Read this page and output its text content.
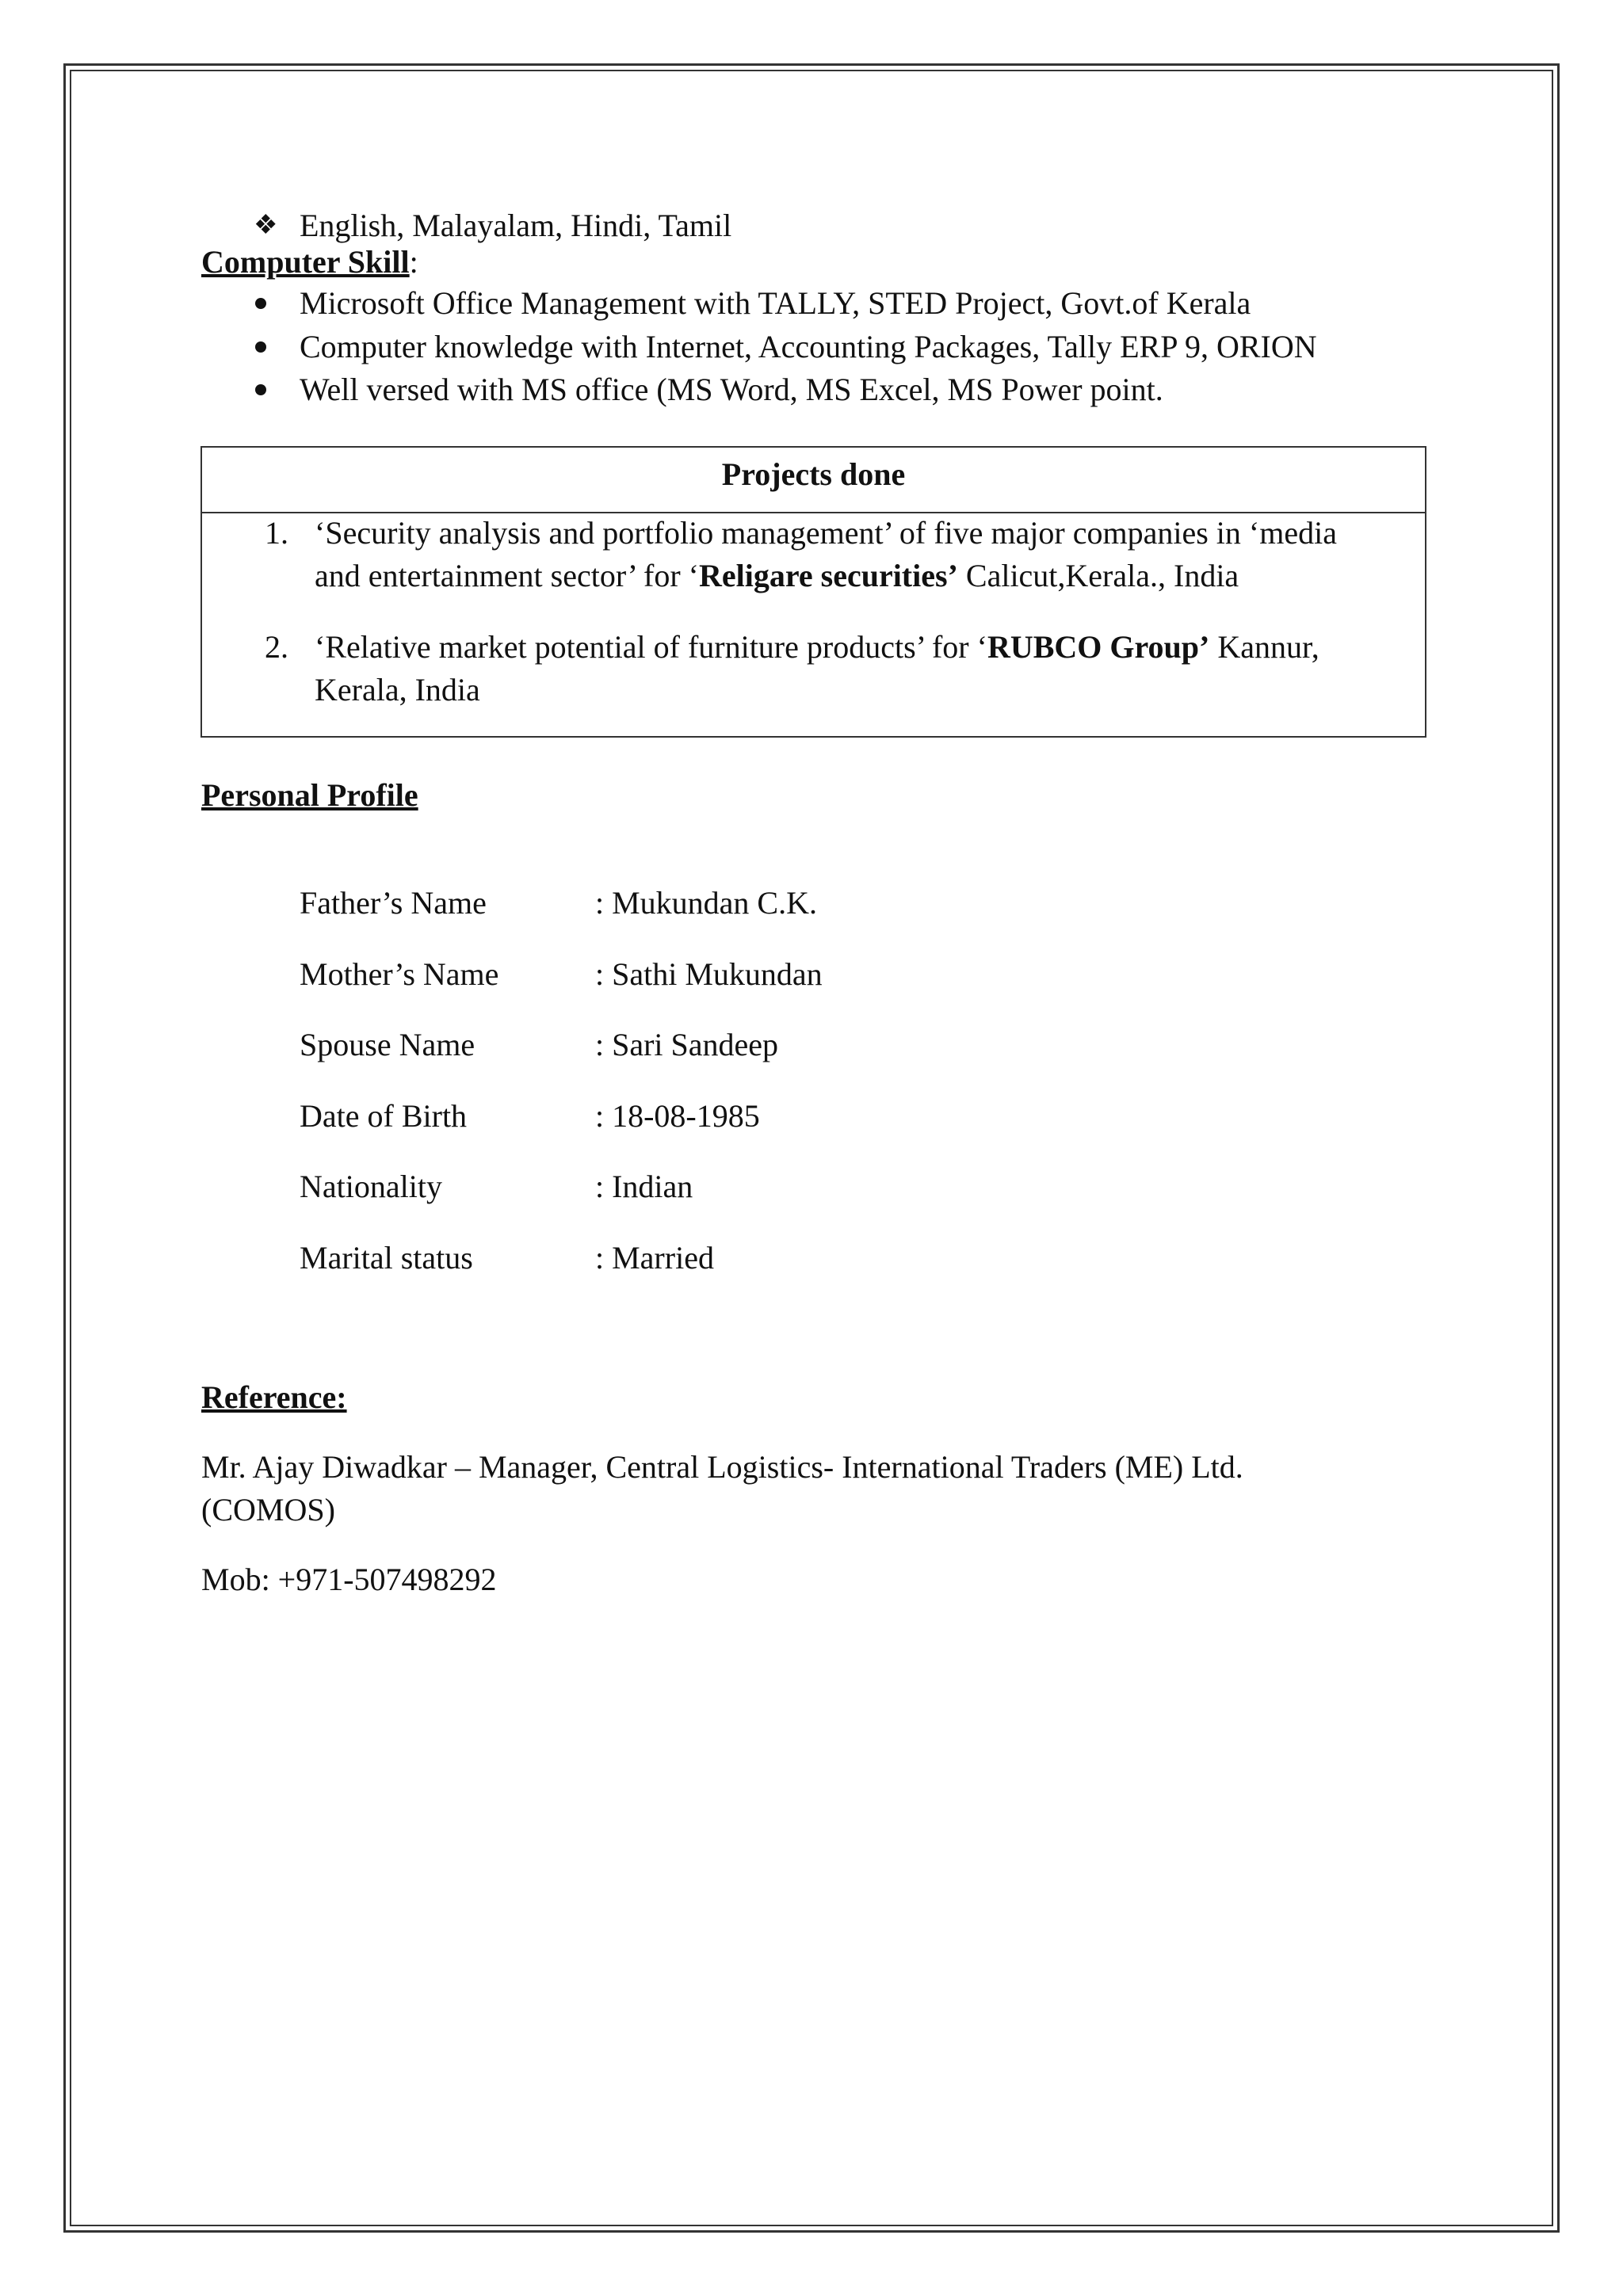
❖ English, Malayalam, Hindi, Tamil
Computer Skill:
Microsoft Office Management with TALLY, STED Project, Govt.of Kerala
Computer knowledge with Internet, Accounting Packages, Tally ERP 9, ORION
Well versed with MS office (MS Word, MS Excel, MS Power point.
Projects done
1. ‘Security analysis and portfolio management’ of five major companies in ‘media
and entertainment sector’ for ‘Religare securities’ Calicut,Kerala., India
2. ‘Relative market potential of furniture products’ for ‘RUBCO Group’ Kannur,
Kerala, India
Personal Profile
Father’s Name	: Mukundan C.K.
Mother’s Name	: Sathi Mukundan
Spouse Name	: Sari Sandeep
Date of Birth	: 18-08-1985
Nationality	: Indian
Marital status	: Married
Reference:
Mr. Ajay Diwadkar – Manager, Central Logistics- International Traders (ME) Ltd.
(COMOS)
Mob: +971-507498292
